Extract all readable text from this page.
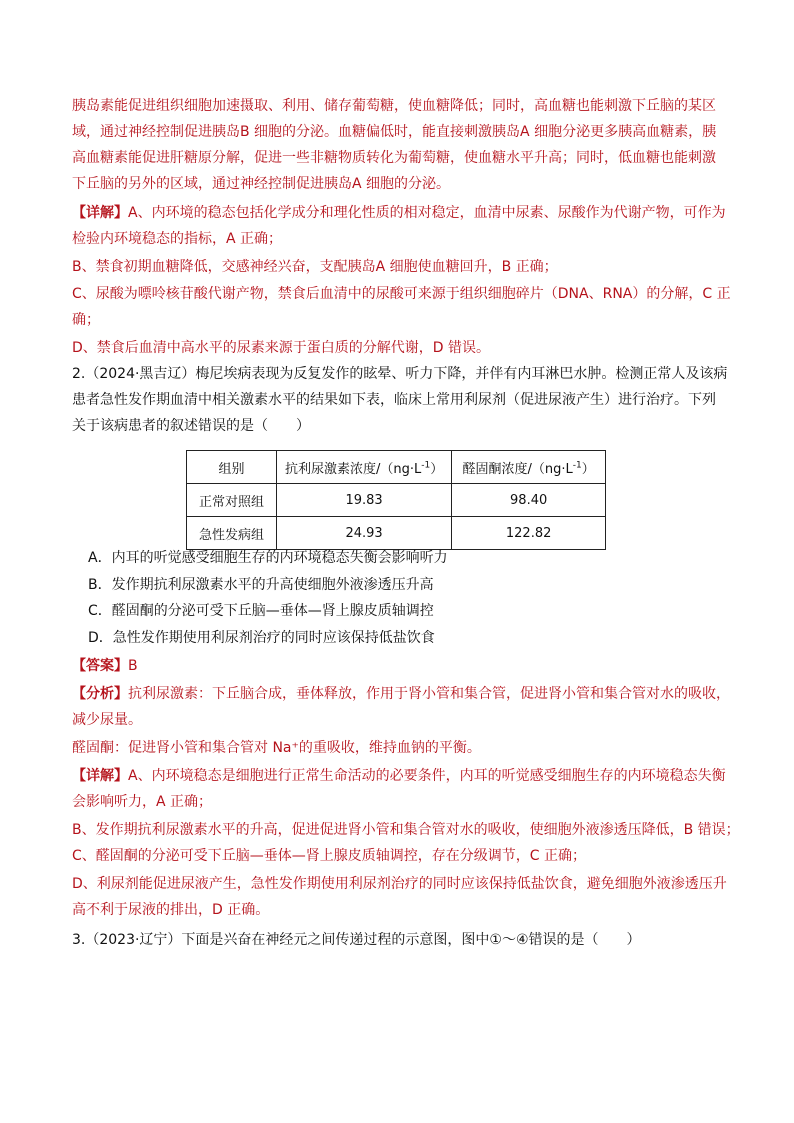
胰岛素能促进组织细胞加速摄取、利用、储存葡萄糖，使血糖降低；同时，高血糖也能刺激下丘脑的某区
域，通过神经控制促进胰岛B 细胞的分泌。血糖偏低时，能直接刺激胰岛A 细胞分泌更多胰高血糖素，胰
高血糖素能促进肝糖原分解，促进一些非糖物质转化为葡萄糖，使血糖水平升高；同时，低血糖也能刺激
下丘脑的另外的区域，通过神经控制促进胰岛A 细胞的分泌。
【详解】A、内环境的稳态包括化学成分和理化性质的相对稳定，血清中尿素、尿酸作为代谢产物，可作为
检验内环境稳态的指标，A 正确；
B、禁食初期血糖降低，交感神经兴奋，支配胰岛A 细胞使血糖回升，B 正确；
C、尿酸为嘌呤核苷酸代谢产物，禁食后血清中的尿酸可来源于组织细胞碎片（DNA、RNA）的分解，C 正
确；
D、禁食后血清中高水平的尿素来源于蛋白质的分解代谢，D 错误。
2.（2024·黑吉辽）梅尼埃病表现为反复发作的眩晕、听力下降，并伴有内耳淋巴水肿。检测正常人及该病
患者急性发作期血清中相关激素水平的结果如下表，临床上常用利尿剂（促进尿液产生）进行治疗。下列
关于该病患者的叙述错误的是（　　）
组别	抗利尿激素浓度$/(ng\cdot L^{-1})$	醛固酮浓度$/(ng\cdot L^{-1})$
正常对照组	19.83	98.40
急性发病组	24.93	122.82
A．内耳的听觉感受细胞生存的内环境稳态失衡会影响听力
B．发作期抗利尿激素水平的升高使细胞外液渗透压升高
C．醛固酮的分泌可受下丘脑—垂体—肾上腺皮质轴调控
D．急性发作期使用利尿剂治疗的同时应该保持低盐饮食
【答案】B
【分析】抗利尿激素：下丘脑合成，垂体释放，作用于肾小管和集合管，促进肾小管和集合管对水的吸收，
减少尿量。
醛固酮：促进肾小管和集合管对 Na⁺的重吸收，维持血钠的平衡。
【详解】A、内环境稳态是细胞进行正常生命活动的必要条件，内耳的听觉感受细胞生存的内环境稳态失衡
会影响听力，A 正确；
B、发作期抗利尿激素水平的升高，促进促进肾小管和集合管对水的吸收，使细胞外液渗透压降低，B 错误；
C、醛固酮的分泌可受下丘脑—垂体—肾上腺皮质轴调控，存在分级调节，C 正确；
D、利尿剂能促进尿液产生，急性发作期使用利尿剂治疗的同时应该保持低盐饮食，避免细胞外液渗透压升
高不利于尿液的排出，D 正确。
3.（2023·辽宁）下面是兴奋在神经元之间传递过程的示意图，图中①～④错误的是（　　）
